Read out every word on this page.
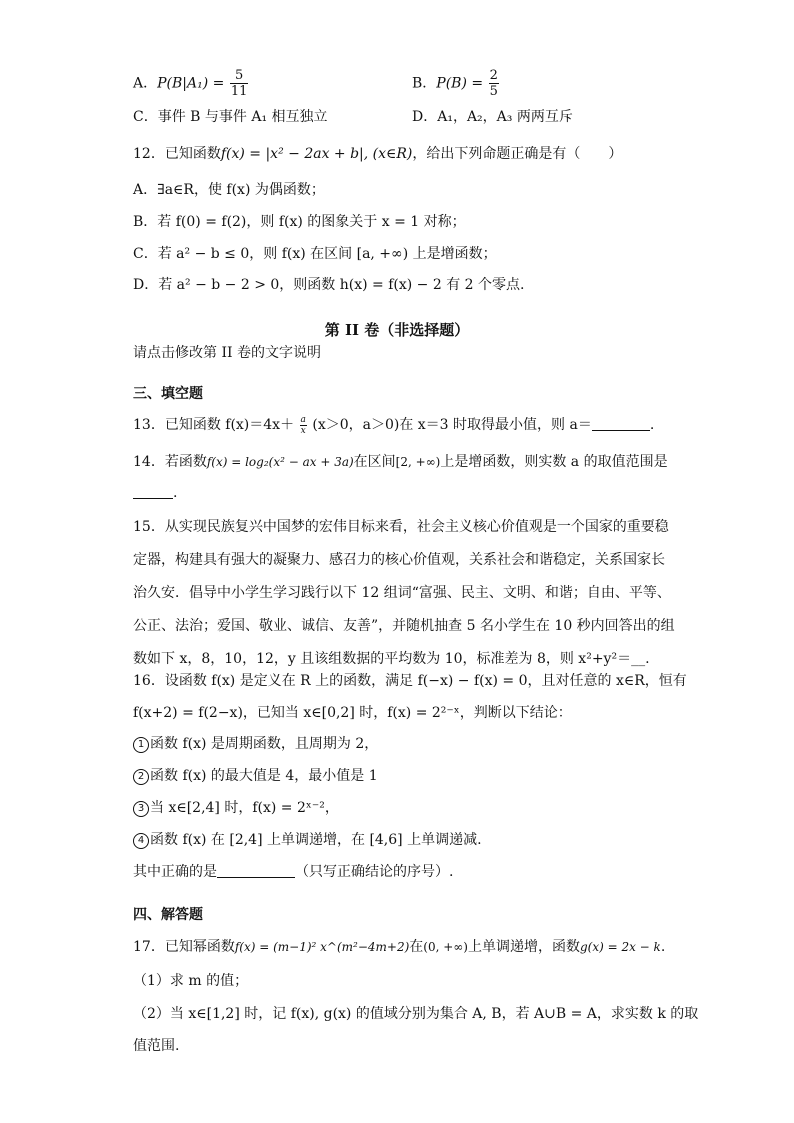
A．$P(B|A_1) = \frac{5}{11}$	B．$P(B) = \frac{2}{5}$
C．事件 B 与事件 A₁ 相互独立	D．A₁，A₂，A₃ 两两互斥
12．已知函数f(x) = |x² − 2ax + b|, (x∈R)，给出下列命题正确是有（　　）
A．∃a∈R，使 f(x) 为偶函数；
B．若 f(0) = f(2)，则 f(x) 的图象关于 x = 1 对称；
C．若 a² − b ≤ 0，则 f(x) 在区间 [a, +∞) 上是增函数；
D．若 a² − b − 2 > 0，则函数 h(x) = f(x) − 2 有 2 个零点.
第 II 卷（非选择题）
请点击修改第 II 卷的文字说明
三、填空题
13．已知函数 $f(x)=4x+ \frac{a}{x} (x>0$，a＞0)在 x＝3 时取得最小值，则 a＝	.
14．若函数f(x) = log₂(x² − ax + 3a)在区间[2, +∞)上是增函数，则实数 a 的取值范围是
.
15．从实现民族复兴中国梦的宏伟目标来看，社会主义核心价值观是一个国家的重要稳
定器，构建具有强大的凝聚力、感召力的核心价值观，关系社会和谐稳定，关系国家长
治久安．倡导中小学生学习践行以下 12 组词“富强、民主、文明、和谐；自由、平等、
公正、法治；爱国、敬业、诚信、友善”，并随机抽查 5 名小学生在 10 秒内回答出的组
数如下 x，8，10，12，y 且该组数据的平均数为 10，标准差为 8，则 x²+y²＝__.
16．设函数 f(x) 是定义在 R 上的函数，满足 f(−x) − f(x) = 0，且对任意的 x∈R，恒有
f(x+2) = f(2−x)，已知当 x∈[0,2] 时，f(x) = 2²⁻ˣ，判断以下结论：
1 函数 f(x) 是周期函数，且周期为 2，
2 函数 f(x) 的最大值是 4，最小值是 1
3 当 x∈[2,4] 时，f(x) = 2ˣ⁻²，
4 函数 f(x) 在 [2,4] 上单调递增，在 [4,6] 上单调递减.
其中正确的是	（只写正确结论的序号）.
四、解答题
17．已知幂函数f(x) = (m−1)² x^(m²−4m+2)在(0, +∞)上单调递增，函数g(x) = 2x − k.
（1）求 m 的值；
（2）当 x∈[1,2] 时，记 f(x), g(x) 的值域分别为集合 A, B，若 A∪B = A，求实数 k 的取
值范围.
